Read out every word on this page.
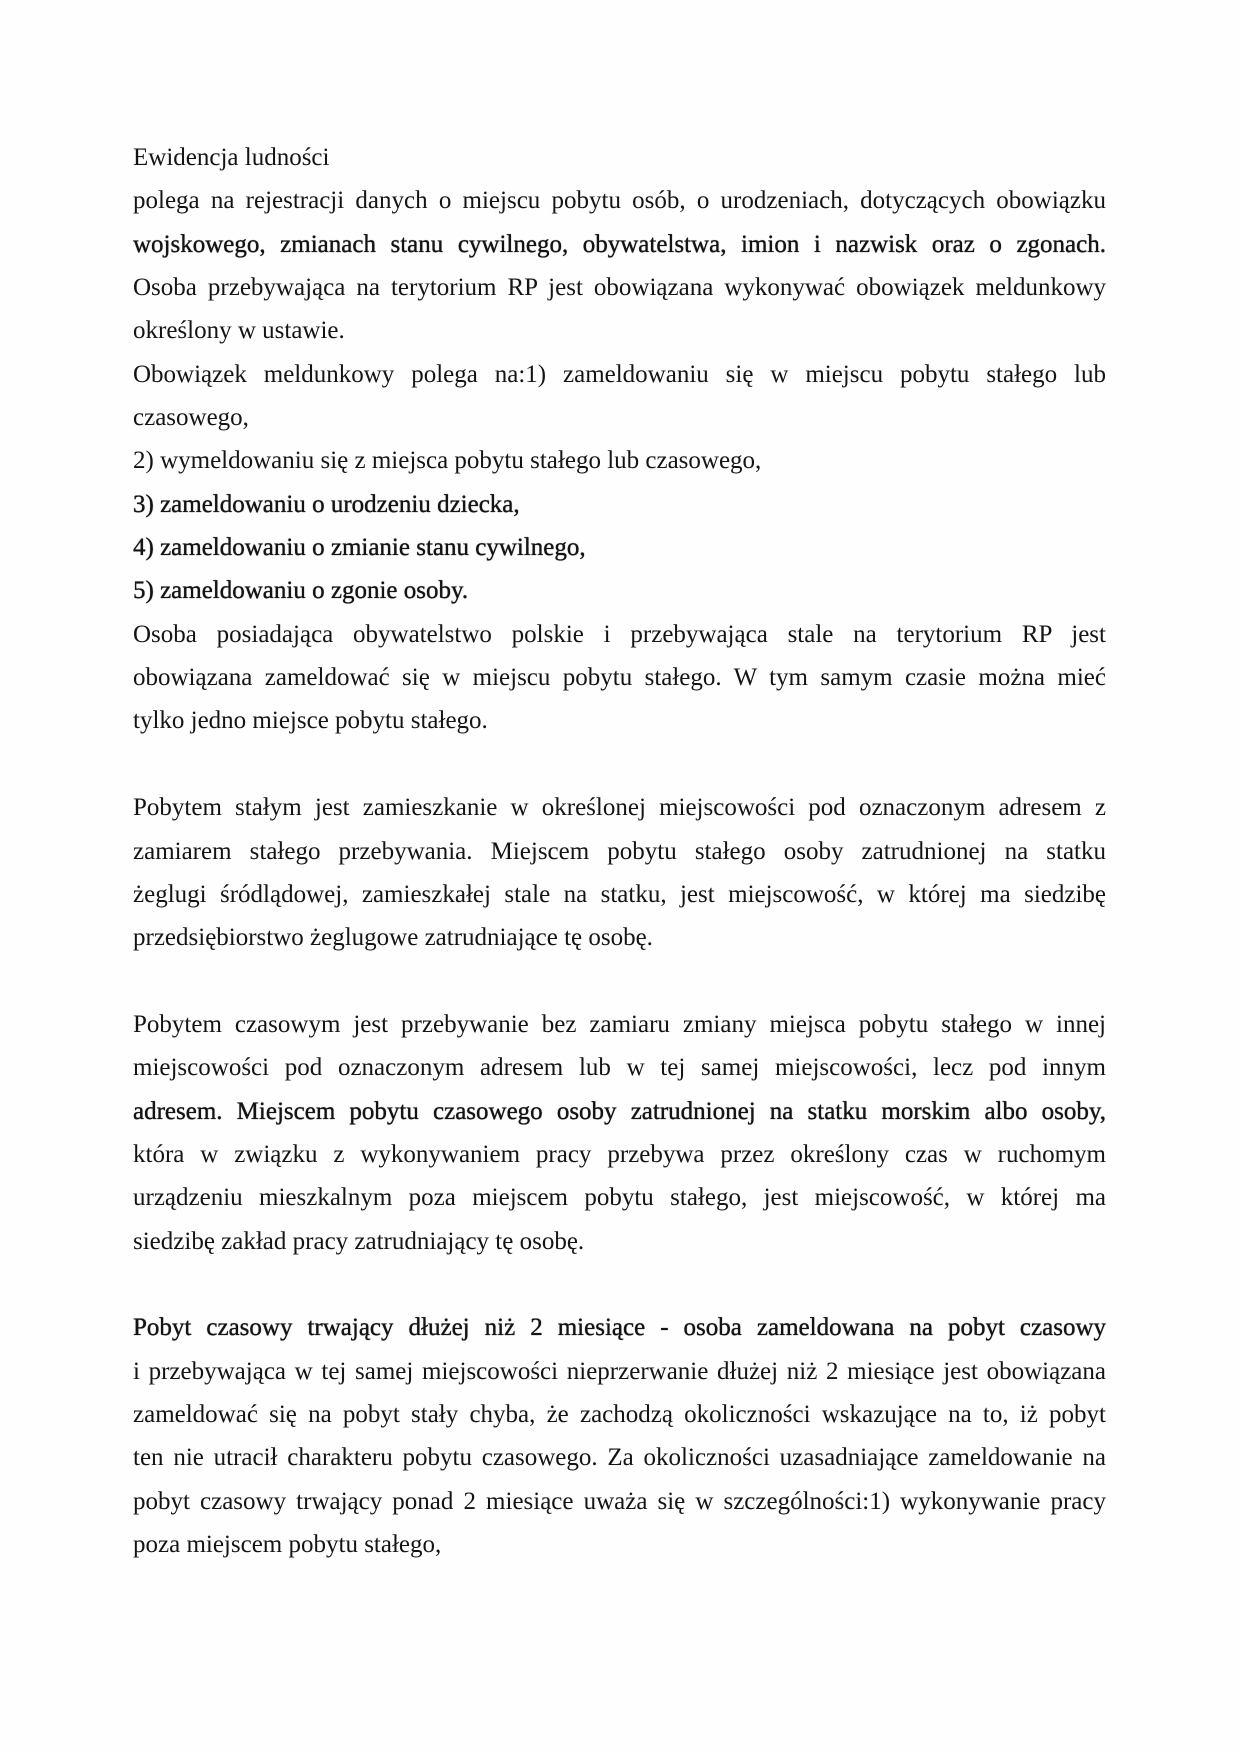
Ewidencja ludności
polega na rejestracji danych o miejscu pobytu osób, o urodzeniach, dotyczących obowiązku
wojskowego, zmianach stanu cywilnego, obywatelstwa, imion i nazwisk oraz o zgonach.
Osoba przebywająca na terytorium RP jest obowiązana wykonywać obowiązek meldunkowy
określony w ustawie.
Obowiązek meldunkowy polega na:1) zameldowaniu się w miejscu pobytu stałego lub
czasowego,
2) wymeldowaniu się z miejsca pobytu stałego lub czasowego,
3) zameldowaniu o urodzeniu dziecka,
4) zameldowaniu o zmianie stanu cywilnego,
5) zameldowaniu o zgonie osoby.
Osoba posiadająca obywatelstwo polskie i przebywająca stale na terytorium RP jest
obowiązana zameldować się w miejscu pobytu stałego. W tym samym czasie można mieć
tylko jedno miejsce pobytu stałego.
Pobytem stałym jest zamieszkanie w określonej miejscowości pod oznaczonym adresem z
zamiarem stałego przebywania. Miejscem pobytu stałego osoby zatrudnionej na statku
żeglugi śródlądowej, zamieszkałej stale na statku, jest miejscowość, w której ma siedzibę
przedsiębiorstwo żeglugowe zatrudniające tę osobę.
Pobytem czasowym jest przebywanie bez zamiaru zmiany miejsca pobytu stałego w innej
miejscowości pod oznaczonym adresem lub w tej samej miejscowości, lecz pod innym
adresem. Miejscem pobytu czasowego osoby zatrudnionej na statku morskim albo osoby,
która w związku z wykonywaniem pracy przebywa przez określony czas w ruchomym
urządzeniu mieszkalnym poza miejscem pobytu stałego, jest miejscowość, w której ma
siedzibę zakład pracy zatrudniający tę osobę.
Pobyt czasowy trwający dłużej niż 2 miesiące - osoba zameldowana na pobyt czasowy
i przebywająca w tej samej miejscowości nieprzerwanie dłużej niż 2 miesiące jest obowiązana
zameldować się na pobyt stały chyba, że zachodzą okoliczności wskazujące na to, iż pobyt
ten nie utracił charakteru pobytu czasowego. Za okoliczności uzasadniające zameldowanie na
pobyt czasowy trwający ponad 2 miesiące uważa się w szczególności:1) wykonywanie pracy
poza miejscem pobytu stałego,
